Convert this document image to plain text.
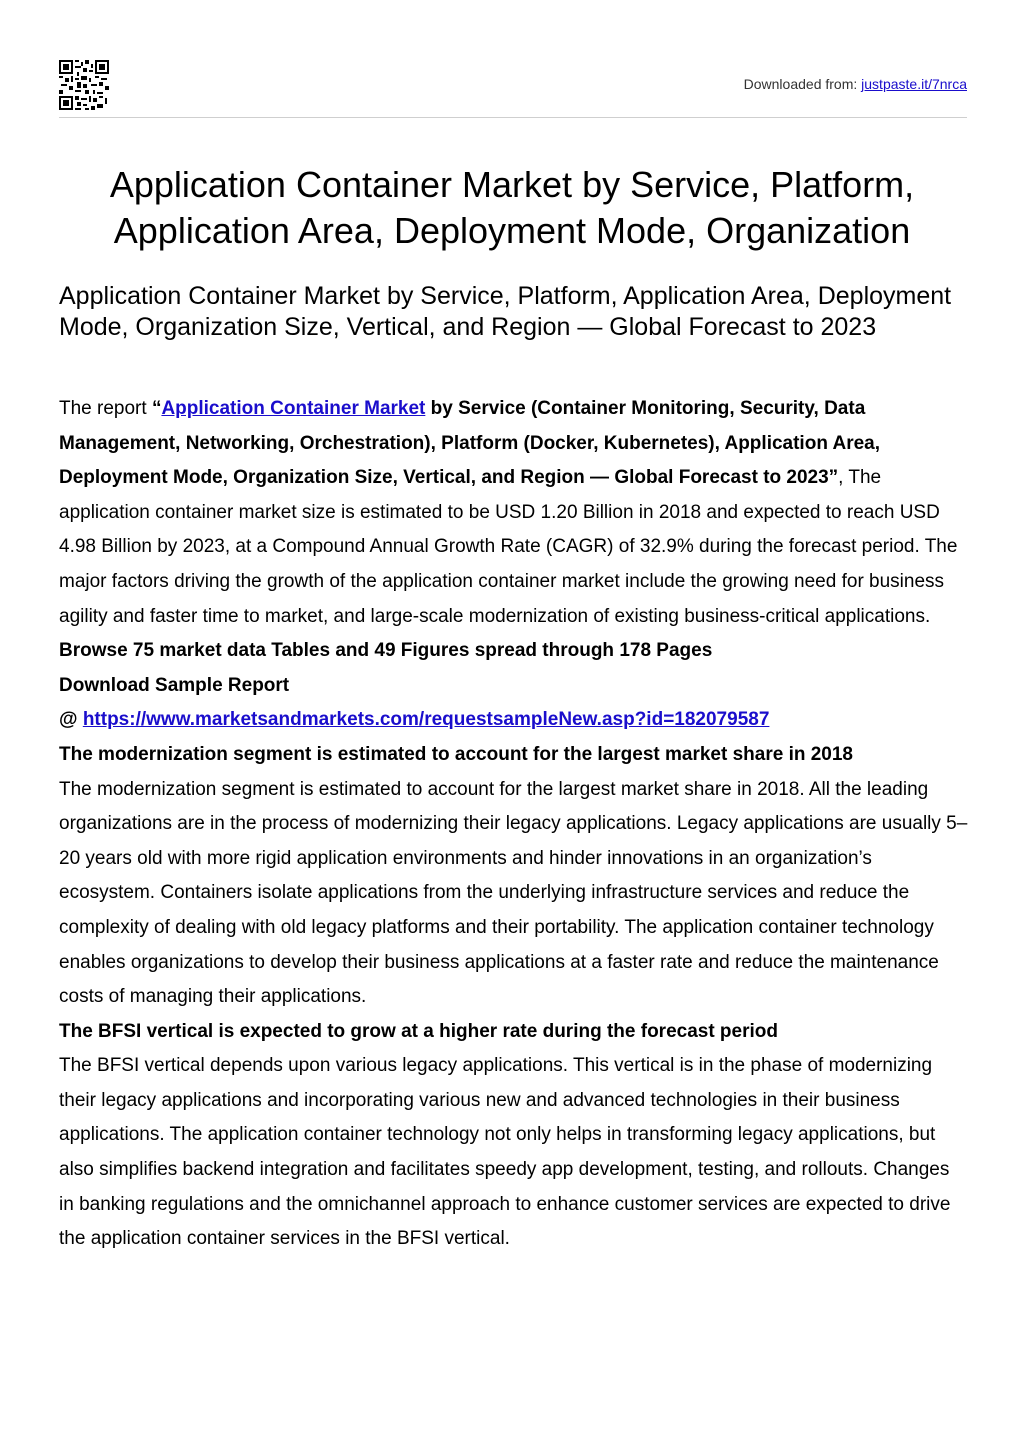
Downloaded from: justpaste.it/7nrca
Application Container Market by Service, Platform, Application Area, Deployment Mode, Organization
Application Container Market by Service, Platform, Application Area, Deployment Mode, Organization Size, Vertical, and Region — Global Forecast to 2023

The report “Application Container Market by Service (Container Monitoring, Security, Data Management, Networking, Orchestration), Platform (Docker, Kubernetes), Application Area, Deployment Mode, Organization Size, Vertical, and Region — Global Forecast to 2023”, The application container market size is estimated to be USD 1.20 Billion in 2018 and expected to reach USD 4.98 Billion by 2023, at a Compound Annual Growth Rate (CAGR) of 32.9% during the forecast period. The major factors driving the growth of the application container market include the growing need for business agility and faster time to market, and large-scale modernization of existing business-critical applications.

Browse 75 market data Tables and 49 Figures spread through 178 Pages

Download Sample Report

@ https://www.marketsandmarkets.com/requestsampleNew.asp?id=182079587

The modernization segment is estimated to account for the largest market share in 2018

The modernization segment is estimated to account for the largest market share in 2018. All the leading organizations are in the process of modernizing their legacy applications. Legacy applications are usually 5–20 years old with more rigid application environments and hinder innovations in an organization’s ecosystem. Containers isolate applications from the underlying infrastructure services and reduce the complexity of dealing with old legacy platforms and their portability. The application container technology enables organizations to develop their business applications at a faster rate and reduce the maintenance costs of managing their applications.

The BFSI vertical is expected to grow at a higher rate during the forecast period

The BFSI vertical depends upon various legacy applications. This vertical is in the phase of modernizing their legacy applications and incorporating various new and advanced technologies in their business applications. The application container technology not only helps in transforming legacy applications, but also simplifies backend integration and facilitates speedy app development, testing, and rollouts. Changes in banking regulations and the omnichannel approach to enhance customer services are expected to drive the application container services in the BFSI vertical.
